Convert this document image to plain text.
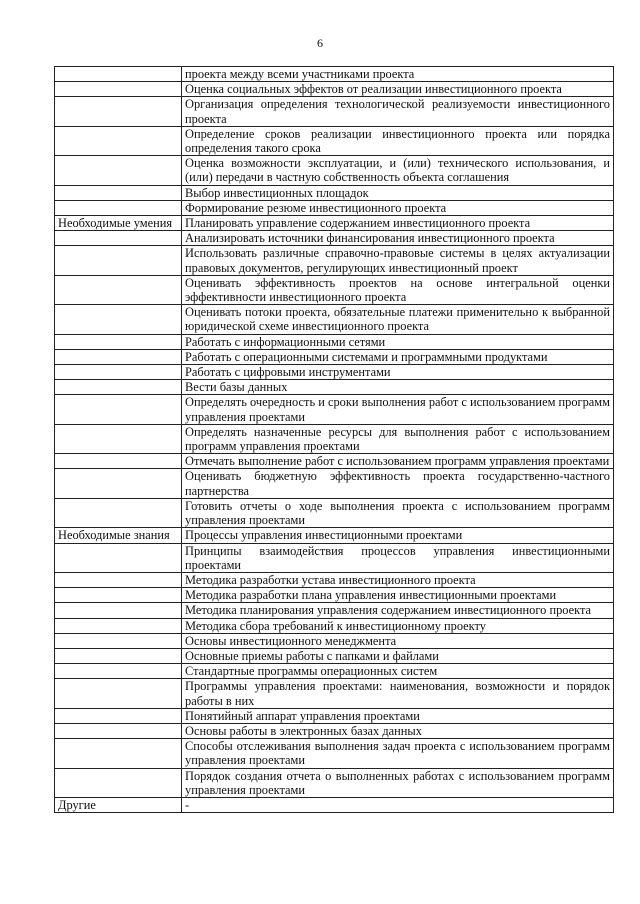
6
	проекта между всеми участниками проекта
	Оценка социальных эффектов от реализации инвестиционного проекта
	Организация определения технологической реализуемости инвестиционного проекта
	Определение сроков реализации инвестиционного проекта или порядка определения такого срока
	Оценка возможности эксплуатации, и (или) технического использования, и (или) передачи в частную собственность объекта соглашения
	Выбор инвестиционных площадок
	Формирование резюме инвестиционного проекта
Необходимые умения	Планировать управление содержанием инвестиционного проекта
	Анализировать источники финансирования инвестиционного проекта
	Использовать различные справочно-правовые системы в целях актуализации правовых документов, регулирующих инвестиционный проект
	Оценивать эффективность проектов на основе интегральной оценки эффективности инвестиционного проекта
	Оценивать потоки проекта, обязательные платежи применительно к выбранной юридической схеме инвестиционного проекта
	Работать с информационными сетями
	Работать с операционными системами и программными продуктами
	Работать с цифровыми инструментами
	Вести базы данных
	Определять очередность и сроки выполнения работ с использованием программ управления проектами
	Определять назначенные ресурсы для выполнения работ с использованием программ управления проектами
	Отмечать выполнение работ с использованием программ управления проектами
	Оценивать бюджетную эффективность проекта государственно-частного партнерства
	Готовить отчеты о ходе выполнения проекта с использованием программ управления проектами
Необходимые знания	Процессы управления инвестиционными проектами
	Принципы взаимодействия процессов управления инвестиционными проектами
	Методика разработки устава инвестиционного проекта
	Методика разработки плана управления инвестиционными проектами
	Методика планирования управления содержанием инвестиционного проекта
	Методика сбора требований к инвестиционному проекту
	Основы инвестиционного менеджмента
	Основные приемы работы с папками и файлами
	Стандартные программы операционных систем
	Программы управления проектами: наименования, возможности и порядок работы в них
	Понятийный аппарат управления проектами
	Основы работы в электронных базах данных
	Способы отслеживания выполнения задач проекта с использованием программ управления проектами
	Порядок создания отчета о выполненных работах с использованием программ управления проектами
Другие	-
